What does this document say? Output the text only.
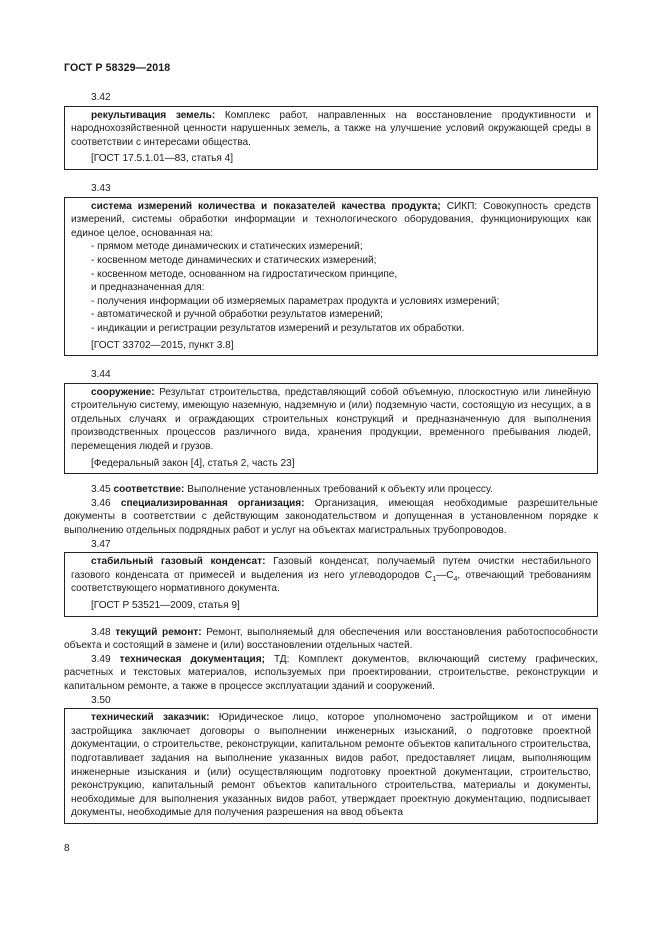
ГОСТ Р 58329—2018
3.42

рекультивация земель: Комплекс работ, направленных на восстановление продуктивности и народнохозяйственной ценности нарушенных земель, а также на улучшение условий окружающей среды в соответствии с интересами общества.

[ГОСТ 17.5.1.01—83, статья 4]

3.43

система измерений количества и показателей качества продукта; СИКП: Совокупность средств измерений, системы обработки информации и технологического оборудования, функционирующих как единое целое, основанная на:

- прямом методе динамических и статических измерений;

- косвенном методе динамических и статических измерений;

- косвенном методе, основанном на гидростатическом принципе,

и предназначенная для:

- получения информации об измеряемых параметрах продукта и условиях измерений;

- автоматической и ручной обработки результатов измерений;

- индикации и регистрации результатов измерений и результатов их обработки.

[ГОСТ 33702—2015, пункт 3.8]

3.44

сооружение: Результат строительства, представляющий собой объемную, плоскостную или линейную строительную систему, имеющую наземную, надземную и (или) подземную части, состоящую из несущих, а в отдельных случаях и ограждающих строительных конструкций и предназначенную для выполнения производственных процессов различного вида, хранения продукции, временного пребывания людей, перемещения людей и грузов.

[Федеральный закон [4], статья 2, часть 23]

3.45 соответствие: Выполнение установленных требований к объекту или процессу.

3.46 специализированная организация: Организация, имеющая необходимые разрешительные документы в соответствии с действующим законодательством и допущенная в установленном порядке к выполнению отдельных подрядных работ и услуг на объектах магистральных трубопроводов.

3.47

стабильный газовый конденсат: Газовый конденсат, получаемый путем очистки нестабильного газового конденсата от примесей и выделения из него углеводородов $C_1—C_4$, отвечающий требованиям соответствующего нормативного документа.

[ГОСТ Р 53521—2009, статья 9]

3.48 текущий ремонт: Ремонт, выполняемый для обеспечения или восстановления работоспособности объекта и состоящий в замене и (или) восстановлении отдельных частей.

3.49 техническая документация; ТД: Комплект документов, включающий систему графических, расчетных и текстовых материалов, используемых при проектировании, строительстве, реконструкции и капитальном ремонте, а также в процессе эксплуатации зданий и сооружений.

3.50

технический заказчик: Юридическое лицо, которое уполномочено застройщиком и от имени застройщика заключает договоры о выполнении инженерных изысканий, о подготовке проектной документации, о строительстве, реконструкции, капитальном ремонте объектов капитального строительства, подготавливает задания на выполнение указанных видов работ, предоставляет лицам, выполняющим инженерные изыскания и (или) осуществляющим подготовку проектной документации, строительство, реконструкцию, капитальный ремонт объектов капитального строительства, материалы и документы, необходимые для выполнения указанных видов работ, утверждает проектную документацию, подписывает документы, необходимые для получения разрешения на ввод объекта

8
